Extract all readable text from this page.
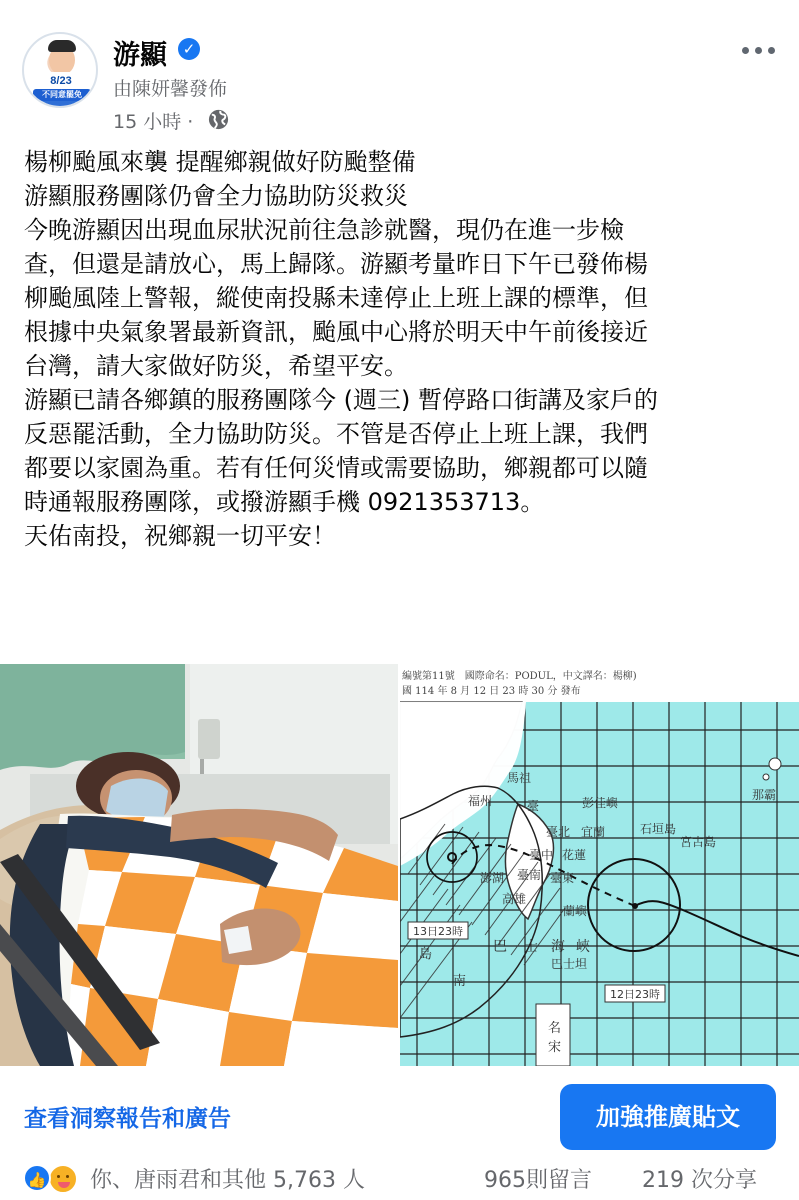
8/23
不同意罷免
游顯	✓
由陳妍馨發佈
15 小時 ·
楊柳颱風來襲 提醒鄉親做好防颱整備
游顯服務團隊仍會全力協助防災救災
今晚游顯因出現血尿狀況前往急診就醫，現仍在進一步檢
查，但還是請放心，馬上歸隊。游顯考量昨日下午已發佈楊
柳颱風陸上警報，縱使南投縣未達停止上班上課的標準，但
根據中央氣象署最新資訊，颱風中心將於明天中午前後接近
台灣，請大家做好防災，希望平安。
游顯已請各鄉鎮的服務團隊今 (週三) 暫停路口街講及家戶的
反惡罷活動，全力協助防災。不管是否停止上班上課，我們
都要以家園為重。若有任何災情或需要協助，鄉親都可以隨
時通報服務團隊，或撥游顯手機 0921353713。
天佑南投，祝鄉親一切平安！
編號第11號　國際命名：PODUL，中文譯名：楊柳)
國 114 年 8 月 12 日 23 時 30 分 發布
福州
馬祖
臺	彭佳嶼
臺北 宜蘭	石垣島
宮古島
那霸
臺中 花蓮
臺南 臺東
高雄
澎湖
蘭嶼
巴 士 海 峽
巴士坦
南
島
名
宋
13日23時
12日23時
查看洞察報告和廣告	加強推廣貼文
👍 你、唐雨君和其他 5,763 人	965則留言 219 次分享
